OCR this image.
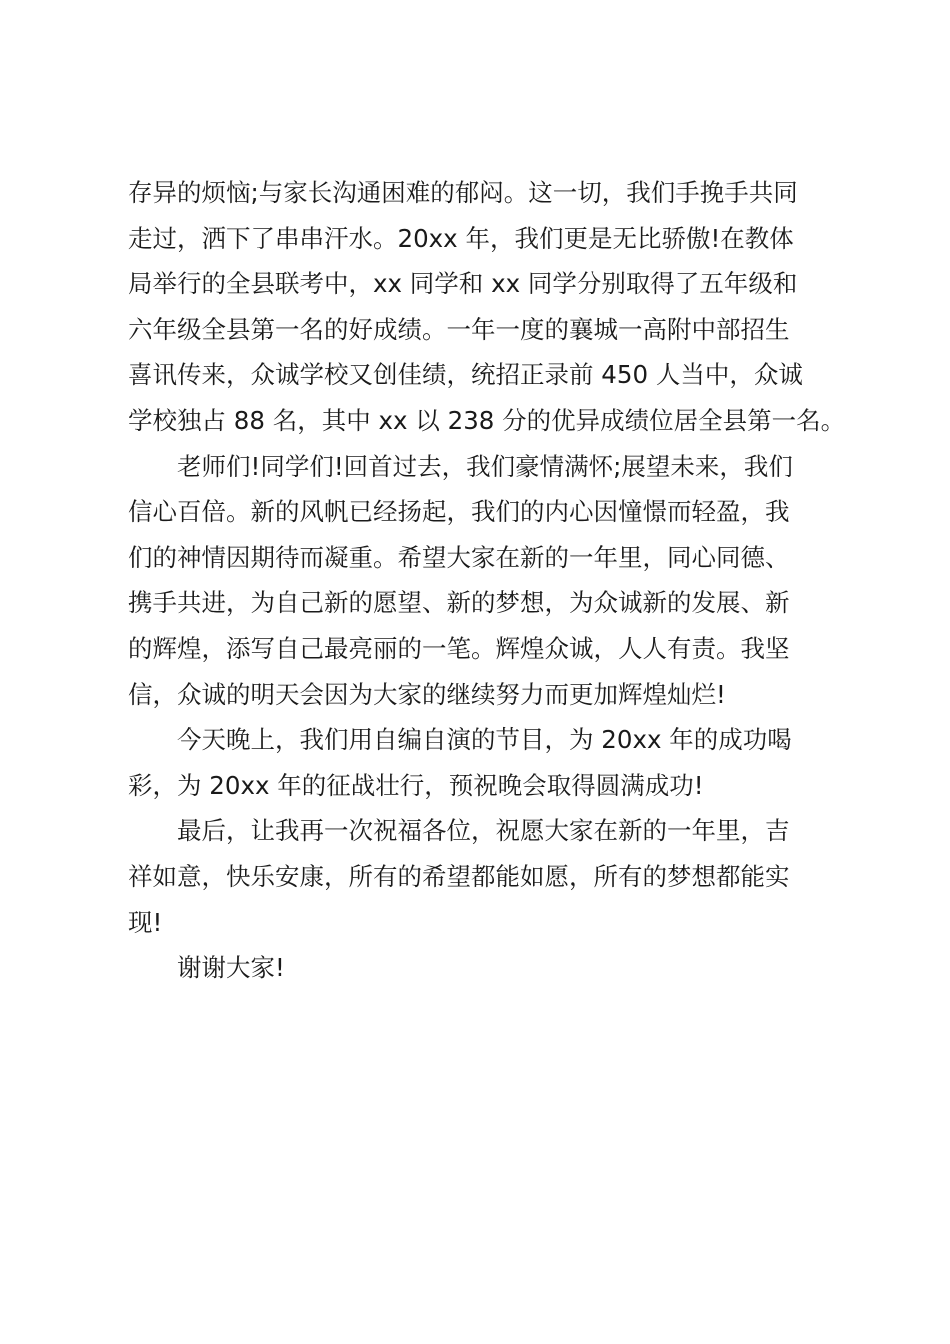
存异的烦恼;与家长沟通困难的郁闷。这一切，我们手挽手共同
走过，洒下了串串汗水。20xx 年，我们更是无比骄傲!在教体
局举行的全县联考中，xx 同学和 xx 同学分别取得了五年级和
六年级全县第一名的好成绩。一年一度的襄城一高附中部招生
喜讯传来，众诚学校又创佳绩，统招正录前 450 人当中，众诚
学校独占 88 名，其中 xx 以 238 分的优异成绩位居全县第一名。
　　老师们!同学们!回首过去，我们豪情满怀;展望未来，我们
信心百倍。新的风帆已经扬起，我们的内心因憧憬而轻盈，我
们的神情因期待而凝重。希望大家在新的一年里，同心同德、
携手共进，为自己新的愿望、新的梦想，为众诚新的发展、新
的辉煌，添写自己最亮丽的一笔。辉煌众诚，人人有责。我坚
信，众诚的明天会因为大家的继续努力而更加辉煌灿烂!
　　今天晚上，我们用自编自演的节目，为 20xx 年的成功喝
彩，为 20xx 年的征战壮行，预祝晚会取得圆满成功!
　　最后，让我再一次祝福各位，祝愿大家在新的一年里，吉
祥如意，快乐安康，所有的希望都能如愿，所有的梦想都能实
现!
　　谢谢大家!
